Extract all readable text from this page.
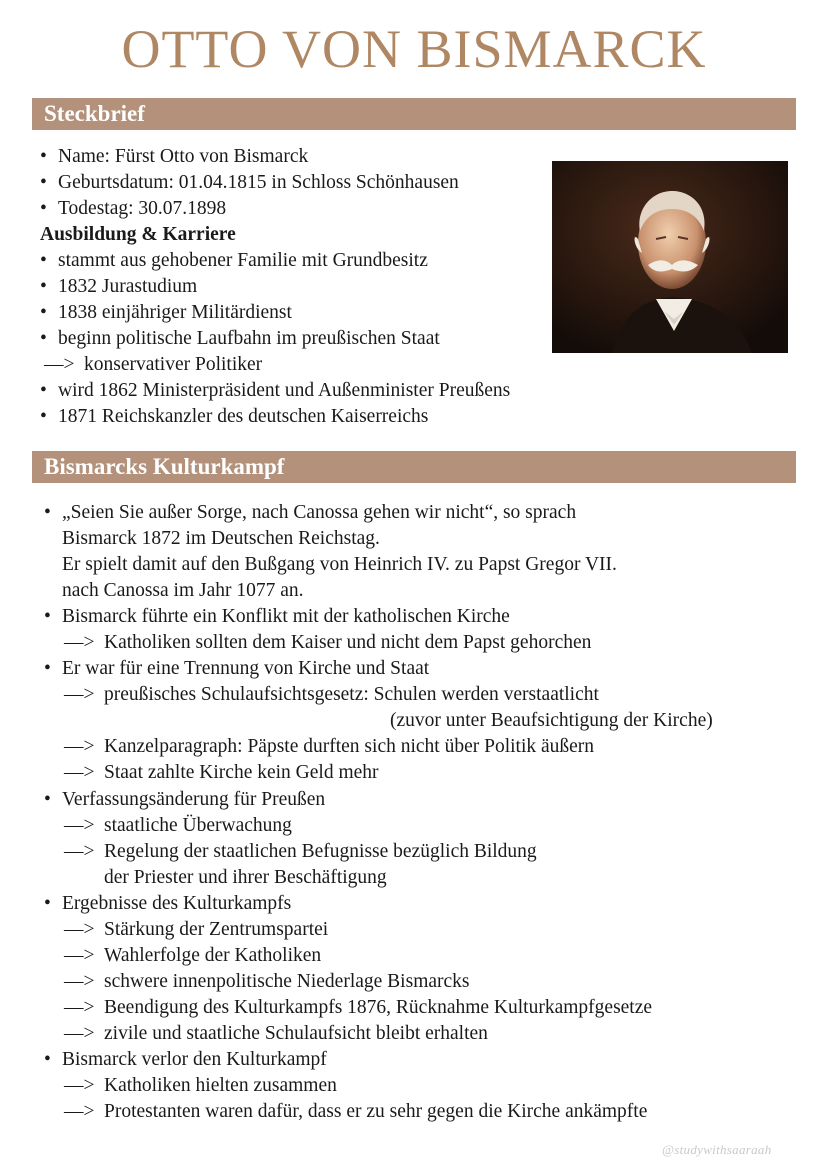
OTTO VON BISMARCK
Steckbrief
• Name: Fürst Otto von Bismarck
• Geburtsdatum: 01.04.1815 in Schloss Schönhausen
• Todestag: 30.07.1898
Ausbildung & Karriere
• stammt aus gehobener Familie mit Grundbesitz
• 1832 Jurastudium
• 1838 einjähriger Militärdienst
• beginn politische Laufbahn im preußischen Staat
—> konservativer Politiker
• wird 1862 Ministerpräsident und Außenminister Preußens
• 1871 Reichskanzler des deutschen Kaiserreichs
Bismarcks Kulturkampf
• „Seien Sie außer Sorge, nach Canossa gehen wir nicht“, so sprach
Bismarck 1872 im Deutschen Reichstag.
Er spielt damit auf den Bußgang von Heinrich IV. zu Papst Gregor VII.
nach Canossa im Jahr 1077 an.
• Bismarck führte ein Konflikt mit der katholischen Kirche
—> Katholiken sollten dem Kaiser und nicht dem Papst gehorchen
• Er war für eine Trennung von Kirche und Staat
—> preußisches Schulaufsichtsgesetz: Schulen werden verstaatlicht
(zuvor unter Beaufsichtigung der Kirche)
—> Kanzelparagraph: Päpste durften sich nicht über Politik äußern
—> Staat zahlte Kirche kein Geld mehr
• Verfassungsänderung für Preußen
—> staatliche Überwachung
—> Regelung der staatlichen Befugnisse bezüglich Bildung
der Priester und ihrer Beschäftigung
• Ergebnisse des Kulturkampfs
—> Stärkung der Zentrumspartei
—> Wahlerfolge der Katholiken
—> schwere innenpolitische Niederlage Bismarcks
—> Beendigung des Kulturkampfs 1876, Rücknahme Kulturkampfgesetze
—> zivile und staatliche Schulaufsicht bleibt erhalten
• Bismarck verlor den Kulturkampf
—> Katholiken hielten zusammen
—> Protestanten waren dafür, dass er zu sehr gegen die Kirche ankämpfte
@studywithsaaraah
